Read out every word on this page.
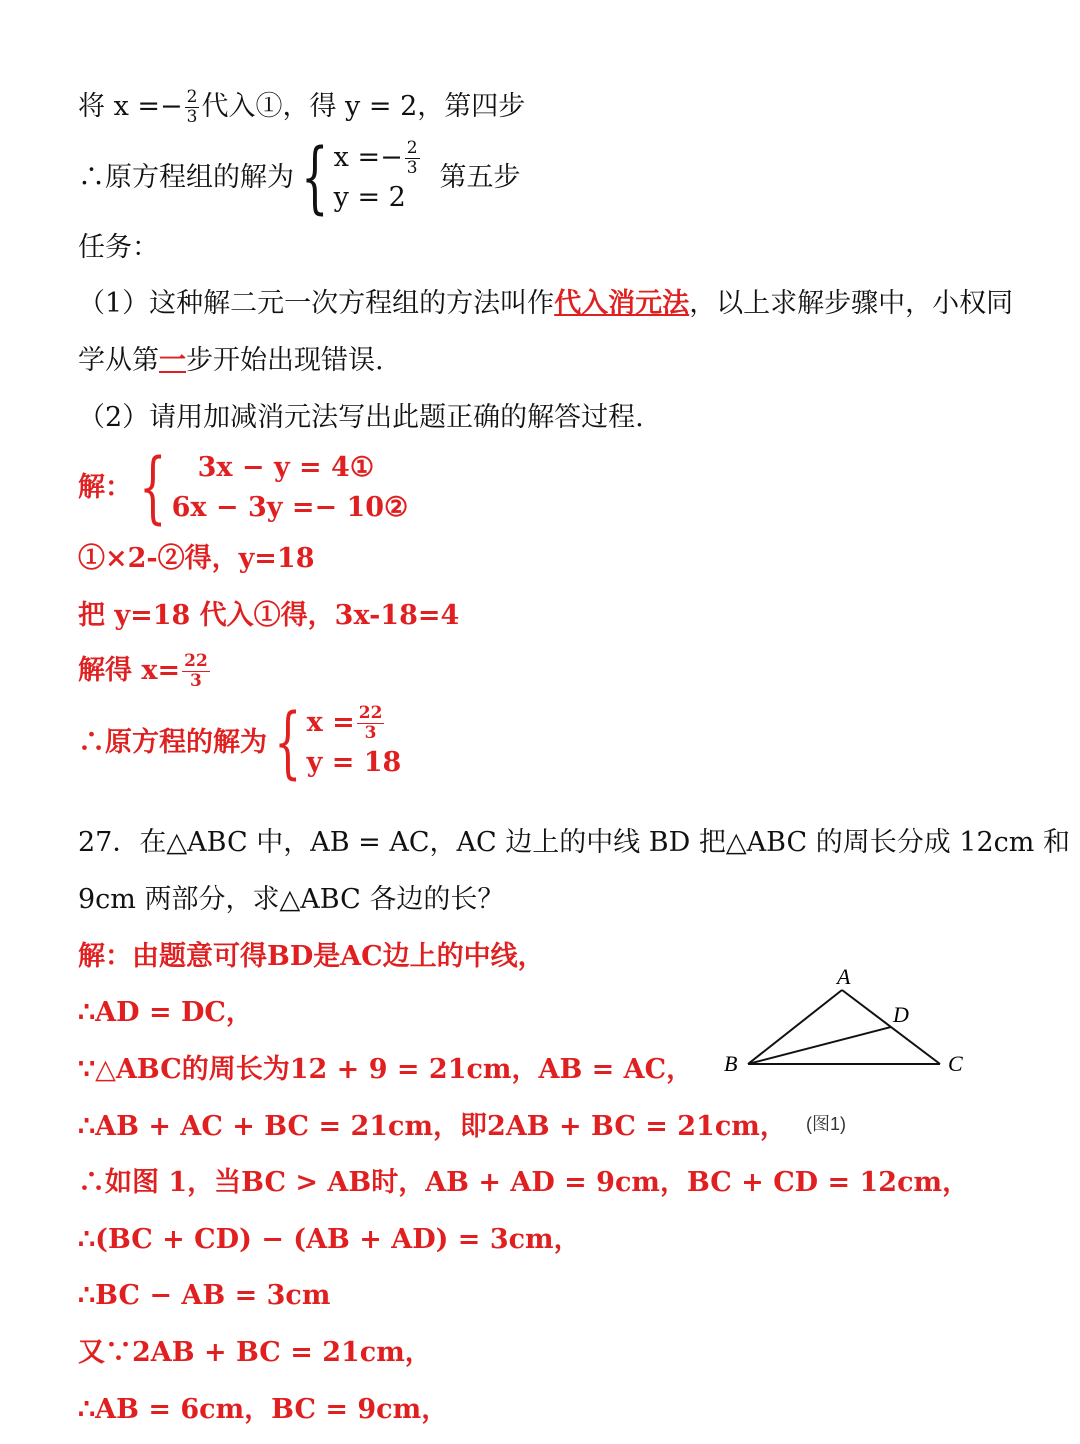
将 $x =- \frac{2}{3}$ 代入①，得 y = 2，第四步
∴原方程组的解为 { $x =- \frac{2}{3}$
y = 2
第五步
任务：
（1）这种解二元一次方程组的方法叫作代入消元法，以上求解步骤中，小权同
学从第一步开始出现错误.
（2）请用加减消元法写出此题正确的解答过程.
解： {	3x − y = 4①
6x − 3y =− 10②
①×2-②得，y=18
把 y=18 代入①得，3x-18=4
解得 $x= \frac{22}{3}$
∴原方程的解为 { $x = \frac{22}{3}$
y = 18
27．在△ABC 中，AB = AC，AC 边上的中线 BD 把△ABC 的周长分成 12cm 和
9cm 两部分，求△ABC 各边的长？
解：由题意可得BD是AC边上的中线，
∴AD = DC，
∵△ABC的周长为12 + 9 = 21cm，AB = AC，
∴AB + AC + BC = 21cm，即2AB + BC = 21cm，
∴如图 1，当BC > AB时，AB + AD = 9cm，BC + CD = 12cm，
∴(BC + CD) − (AB + AD) = 3cm，
∴BC − AB = 3cm
又∵2AB + BC = 21cm，
∴AB = 6cm，BC = 9cm，
A
B	C
D
(图1)
